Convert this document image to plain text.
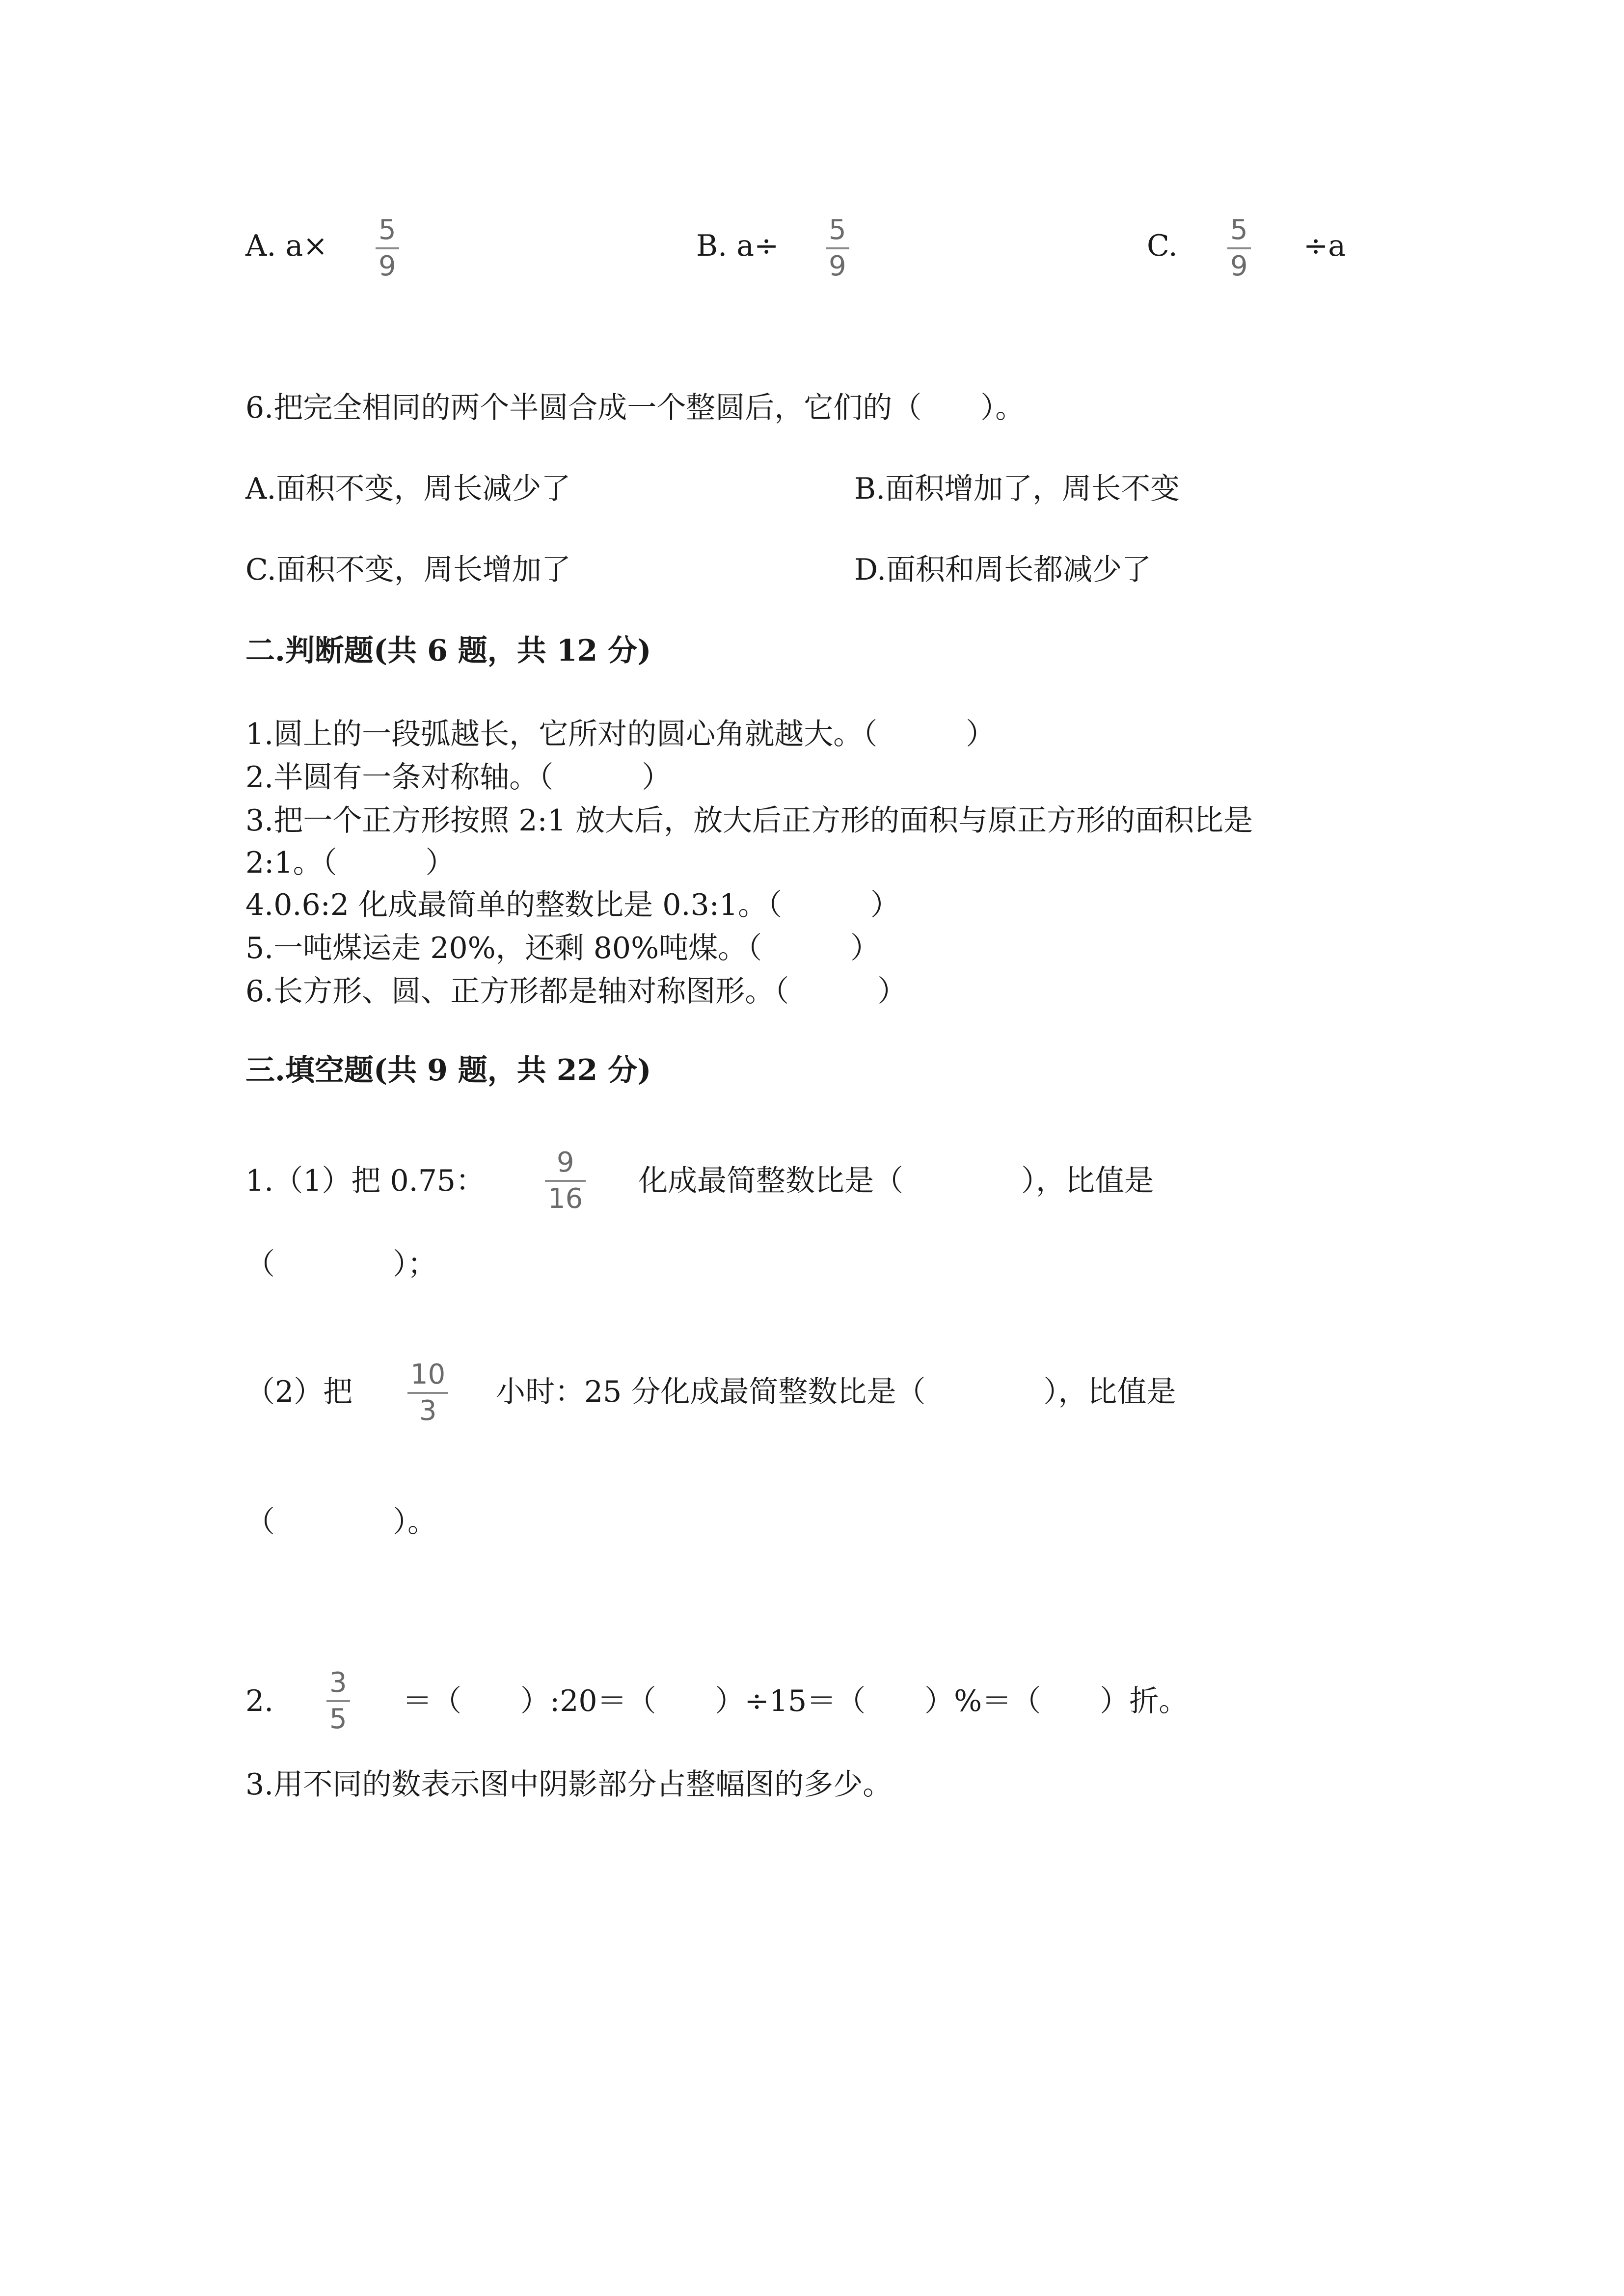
A. a× 5
9
B. a÷ 5
9
C. 5
9
÷a
6.把完全相同的两个半圆合成一个整圆后，它们的（　　）。
A.面积不变，周长减少了	B.面积增加了，周长不变
C.面积不变，周长增加了	D.面积和周长都减少了
二.判断题(共 6 题，共 12 分)
1.圆上的一段弧越长，它所对的圆心角就越大。（　　　）
2.半圆有一条对称轴。（　　　）
3.把一个正方形按照 2:1 放大后，放大后正方形的面积与原正方形的面积比是
2:1。（　　　）
4.0.6:2 化成最简单的整数比是 0.3:1。（　　　）
5.一吨煤运走 20%，还剩 80%吨煤。（　　　）
6.长方形、圆、正方形都是轴对称图形。（　　　）
三.填空题(共 9 题，共 22 分)
1.（1）把 0.75：
9
16
化成最简整数比是（　　　　），比值是
（　　　　）；
（2）把
10
3
小时：25 分化成最简整数比是（　　　　），比值是
（　　　　）。
2.
3
5
＝（　　）:20＝（　　）÷15＝（　　）%＝（　　）折。
3.用不同的数表示图中阴影部分占整幅图的多少。
